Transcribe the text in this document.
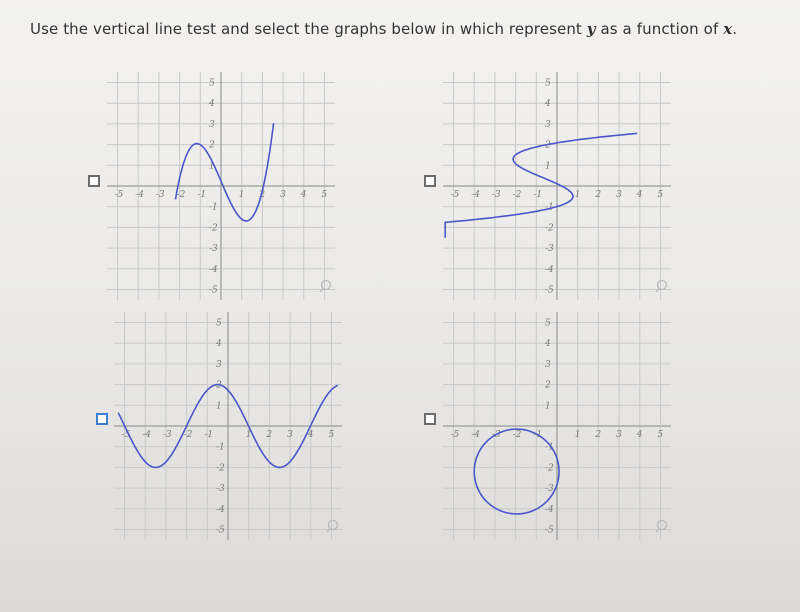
Use the vertical line test and select the graphs below in which represent y as a function of x.
-5 -4 -3 -2 -1	1 2 3 4 5
5
4
3
2
1
-1
-2
-3
-4
-5
-5 -4 -3 -2 -1	1 2 3 4 5
5
4
3
2
1
-1
-2
-3
-4
-5
-5 -4 -3 -2 -1	1 2 3 4 5
5
4
3
2
1
-1
-2
-3
-4
-5
-5 -4 -3 -2 -1	1 2 3 4 5
5
4
3
2
1
-1
-2
-3
-4
-5
